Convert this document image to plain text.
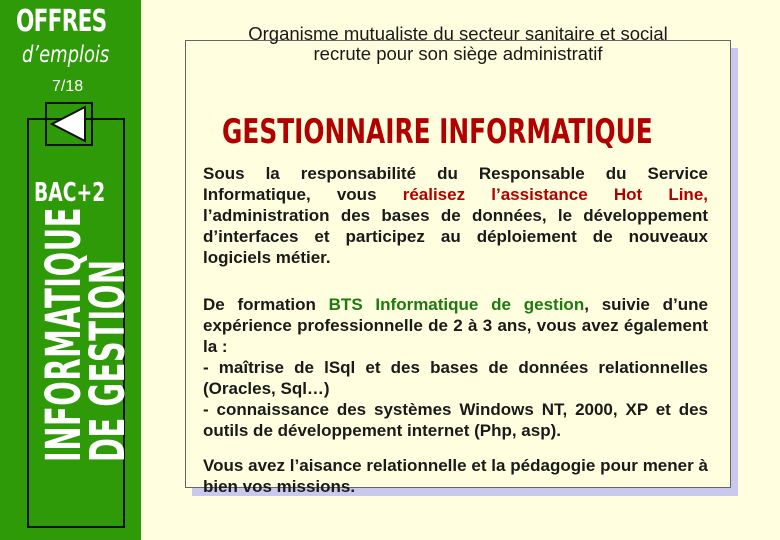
OFFRES
d’emplois
7/18
BAC+2
INFORMATIQUE
DE GESTION
Organisme mutualiste du secteur sanitaire et social
recrute pour son siège administratif
GESTIONNAIRE INFORMATIQUE
Sous la responsabilité du Responsable du Service Informatique, vous réalisez l’assistance Hot Line, l’administration des bases de données, le développement d’interfaces et participez au déploiement de nouveaux logiciels métier.
De formation BTS Informatique de gestion, suivie d’une expérience professionnelle de 2 à 3 ans, vous avez également la :
- maîtrise de lSql et des bases de données relationnelles (Oracles, Sql…)
- connaissance des systèmes Windows NT, 2000, XP et des outils de développement internet (Php, asp).
Vous avez l’aisance relationnelle et la pédagogie pour mener à bien vos missions.
